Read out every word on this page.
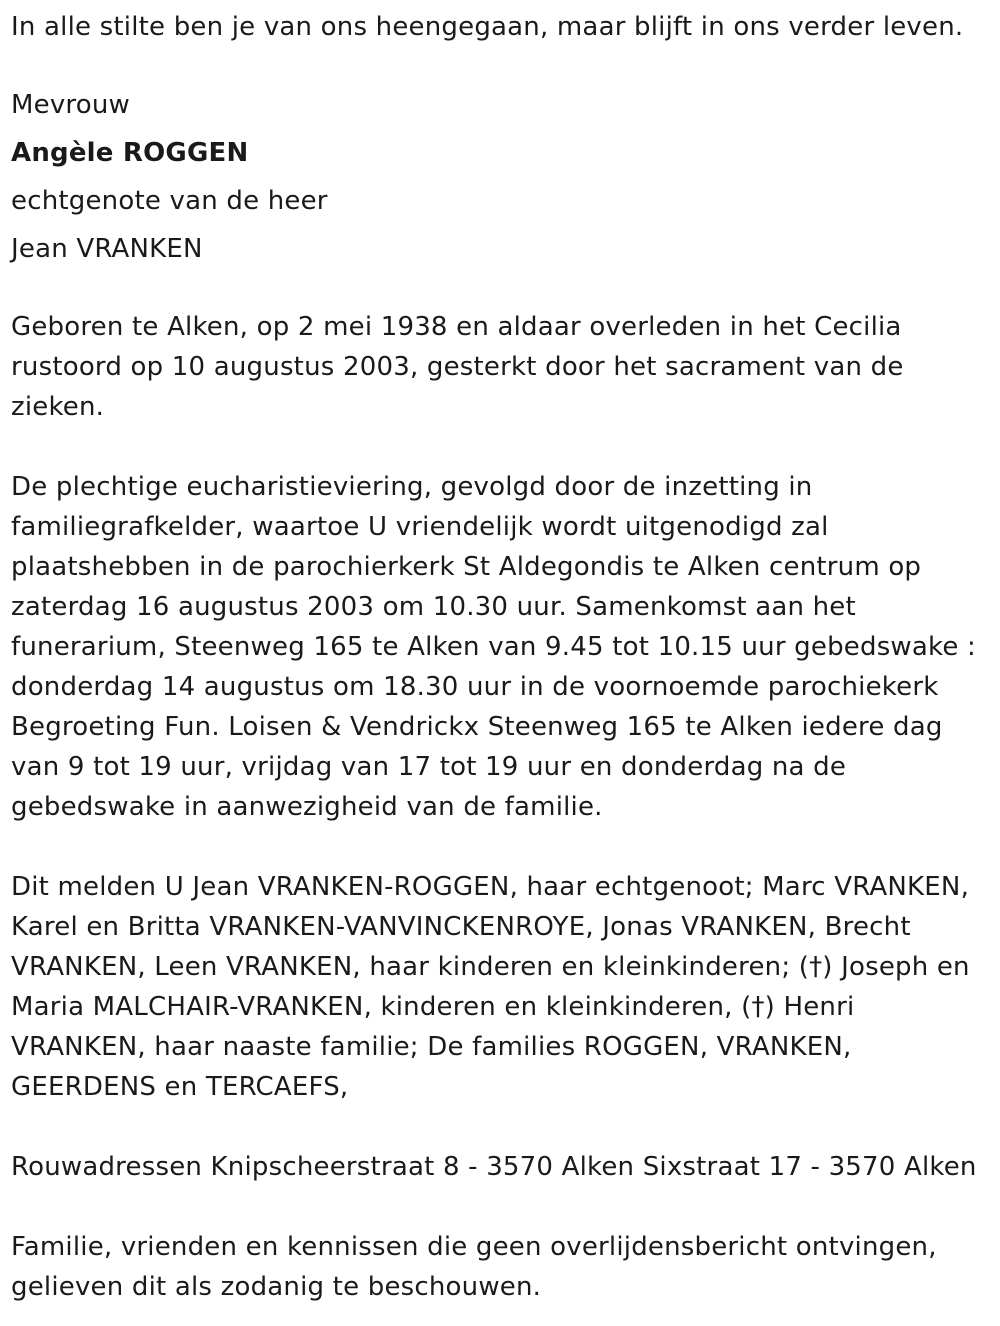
In alle stilte ben je van ons heengegaan, maar blijft in ons verder leven.

Mevrouw

Angèle ROGGEN

echtgenote van de heer

Jean VRANKEN

Geboren te Alken, op 2 mei 1938 en aldaar overleden in het Cecilia

rustoord op 10 augustus 2003, gesterkt door het sacrament van de

zieken.

De plechtige eucharistieviering, gevolgd door de inzetting in

familiegrafkelder, waartoe U vriendelijk wordt uitgenodigd zal

plaatshebben in de parochierkerk St Aldegondis te Alken centrum op

zaterdag 16 augustus 2003 om 10.30 uur. Samenkomst aan het

funerarium, Steenweg 165 te Alken van 9.45 tot 10.15 uur gebedswake :

donderdag 14 augustus om 18.30 uur in de voornoemde parochiekerk

Begroeting Fun. Loisen & Vendrickx Steenweg 165 te Alken iedere dag

van 9 tot 19 uur, vrijdag van 17 tot 19 uur en donderdag na de

gebedswake in aanwezigheid van de familie.

Dit melden U Jean VRANKEN-ROGGEN, haar echtgenoot; Marc VRANKEN,

Karel en Britta VRANKEN-VANVINCKENROYE, Jonas VRANKEN, Brecht

VRANKEN, Leen VRANKEN, haar kinderen en kleinkinderen; (†) Joseph en

Maria MALCHAIR-VRANKEN, kinderen en kleinkinderen, (†) Henri

VRANKEN, haar naaste familie; De families ROGGEN, VRANKEN,

GEERDENS en TERCAEFS,

Rouwadressen Knipscheerstraat 8 - 3570 Alken Sixstraat 17 - 3570 Alken

Familie, vrienden en kennissen die geen overlijdensbericht ontvingen,

gelieven dit als zodanig te beschouwen.
